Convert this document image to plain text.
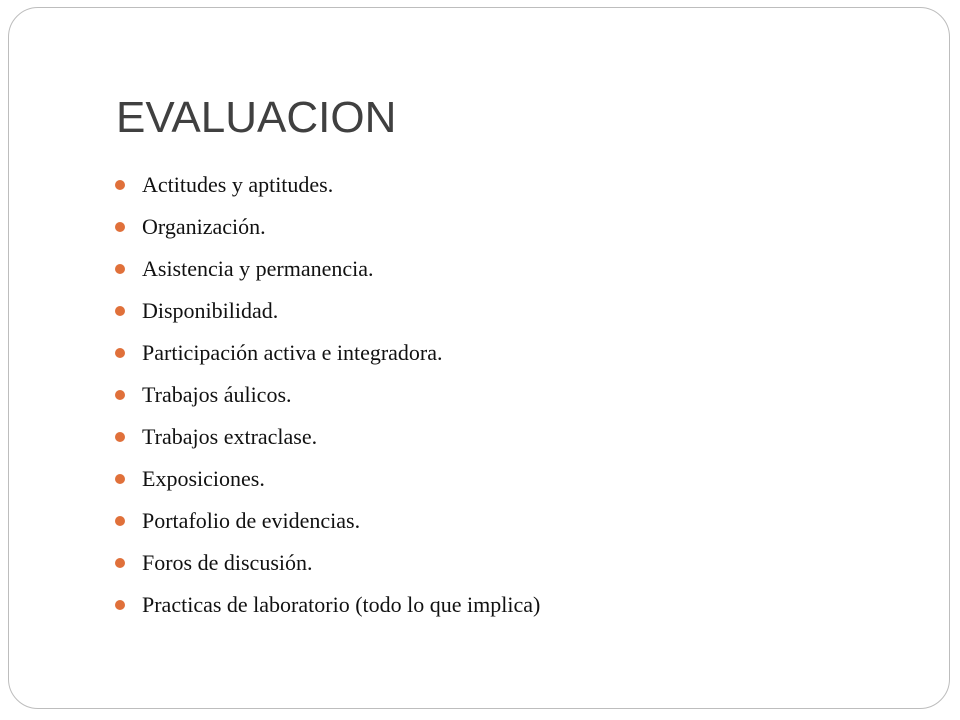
EVALUACION
Actitudes y aptitudes.
Organización.
Asistencia y permanencia.
Disponibilidad.
Participación activa e integradora.
Trabajos áulicos.
Trabajos extraclase.
Exposiciones.
Portafolio de evidencias.
Foros de discusión.
Practicas de laboratorio (todo lo que implica)
